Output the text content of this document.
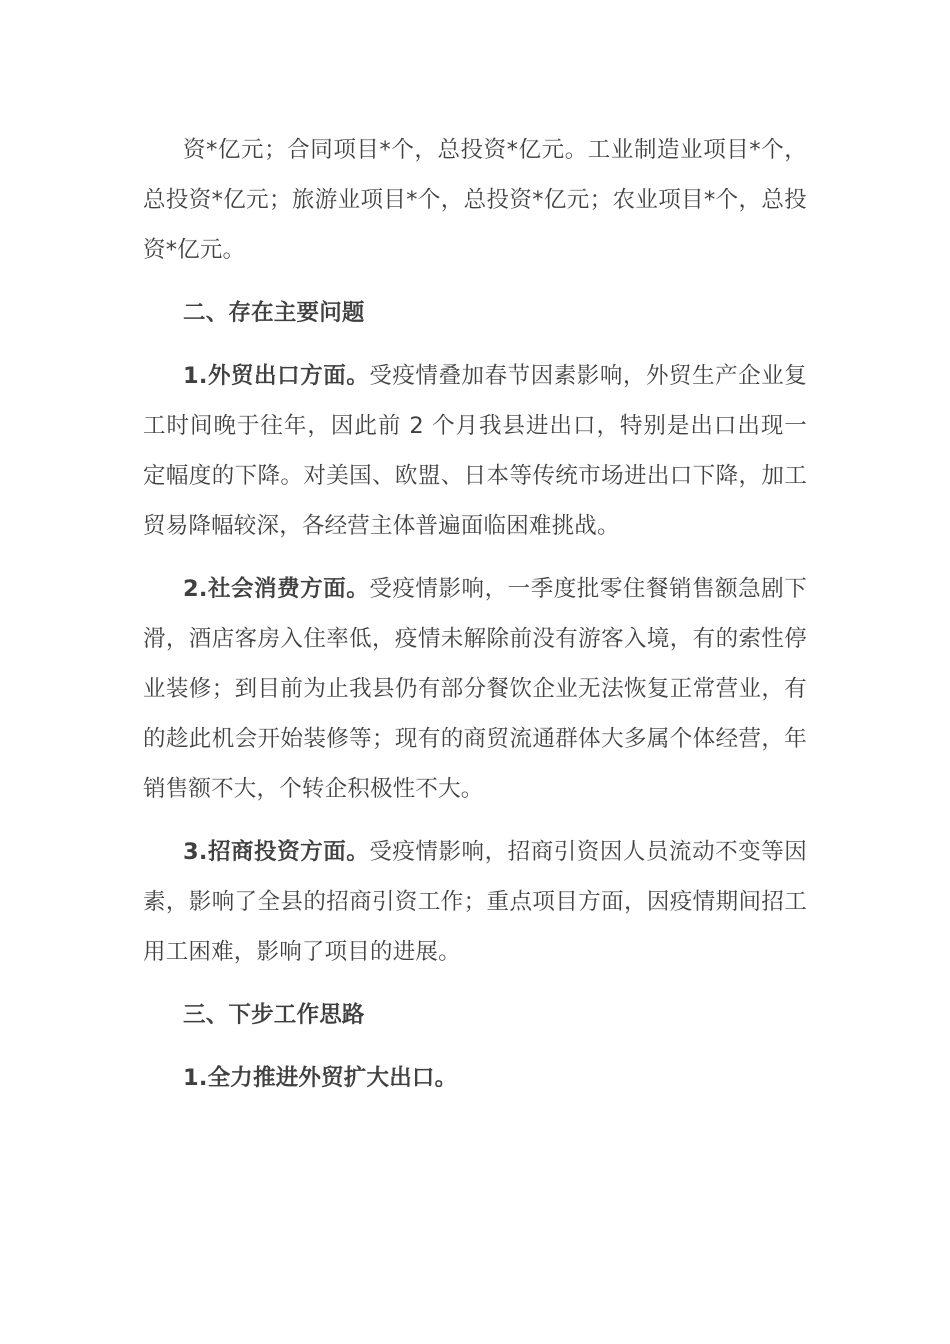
资*亿元；合同项目*个，总投资*亿元。工业制造业项目*个，总投资*亿元；旅游业项目*个，总投资*亿元；农业项目*个，总投资*亿元。

二、存在主要问题

1.外贸出口方面。受疫情叠加春节因素影响，外贸生产企业复工时间晚于往年，因此前 2 个月我县进出口，特别是出口出现一定幅度的下降。对美国、欧盟、日本等传统市场进出口下降，加工贸易降幅较深，各经营主体普遍面临困难挑战。

2.社会消费方面。受疫情影响，一季度批零住餐销售额急剧下滑，酒店客房入住率低，疫情未解除前没有游客入境，有的索性停业装修；到目前为止我县仍有部分餐饮企业无法恢复正常营业，有的趁此机会开始装修等；现有的商贸流通群体大多属个体经营，年销售额不大，个转企积极性不大。

3.招商投资方面。受疫情影响，招商引资因人员流动不变等因素，影响了全县的招商引资工作；重点项目方面，因疫情期间招工用工困难，影响了项目的进展。

三、下步工作思路

1.全力推进外贸扩大出口。
